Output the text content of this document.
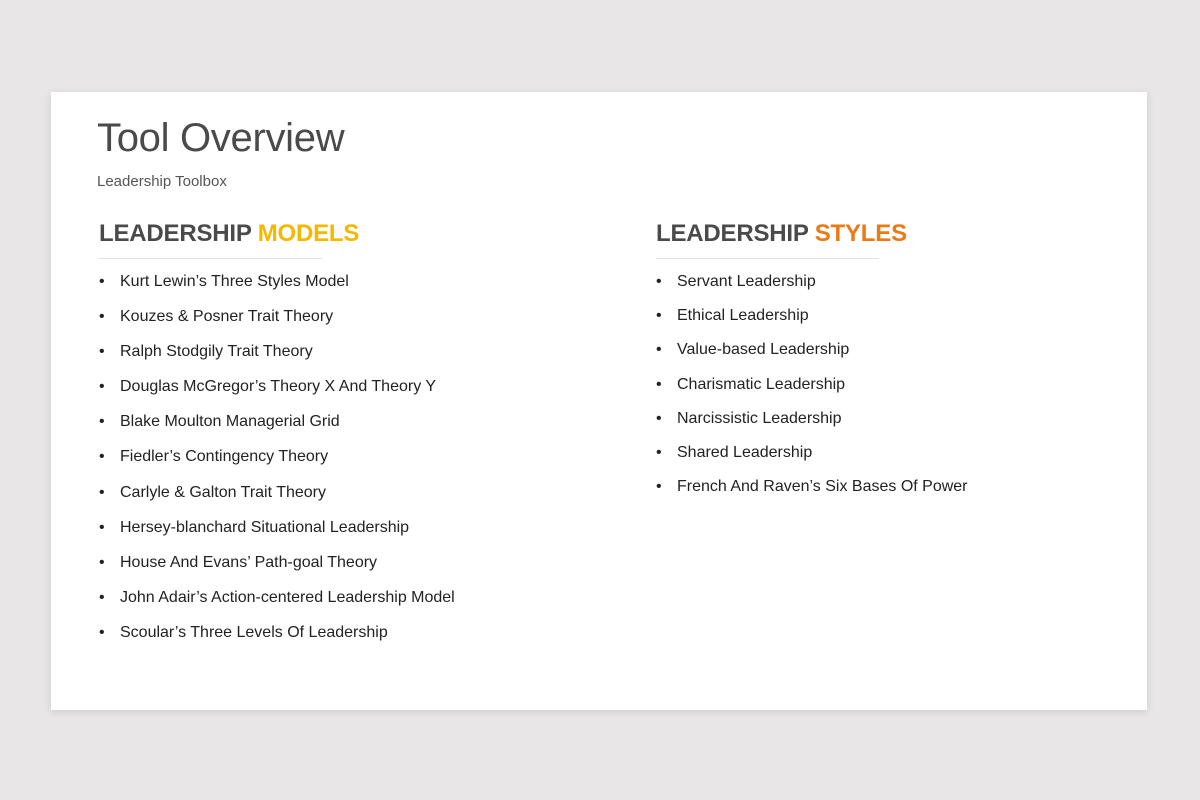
Tool Overview
Leadership Toolbox
LEADERSHIP MODELS
• Kurt Lewin’s Three Styles Model
• Kouzes & Posner Trait Theory
• Ralph Stodgily Trait Theory
• Douglas McGregor’s Theory X And Theory Y
• Blake Moulton Managerial Grid
• Fiedler’s Contingency Theory
• Carlyle & Galton Trait Theory
• Hersey-blanchard Situational Leadership
• House And Evans’ Path-goal Theory
• John Adair’s Action-centered Leadership Model
• Scoular’s Three Levels Of Leadership
LEADERSHIP STYLES
• Servant Leadership
• Ethical Leadership
• Value-based Leadership
• Charismatic Leadership
• Narcissistic Leadership
• Shared Leadership
• French And Raven’s Six Bases Of Power
